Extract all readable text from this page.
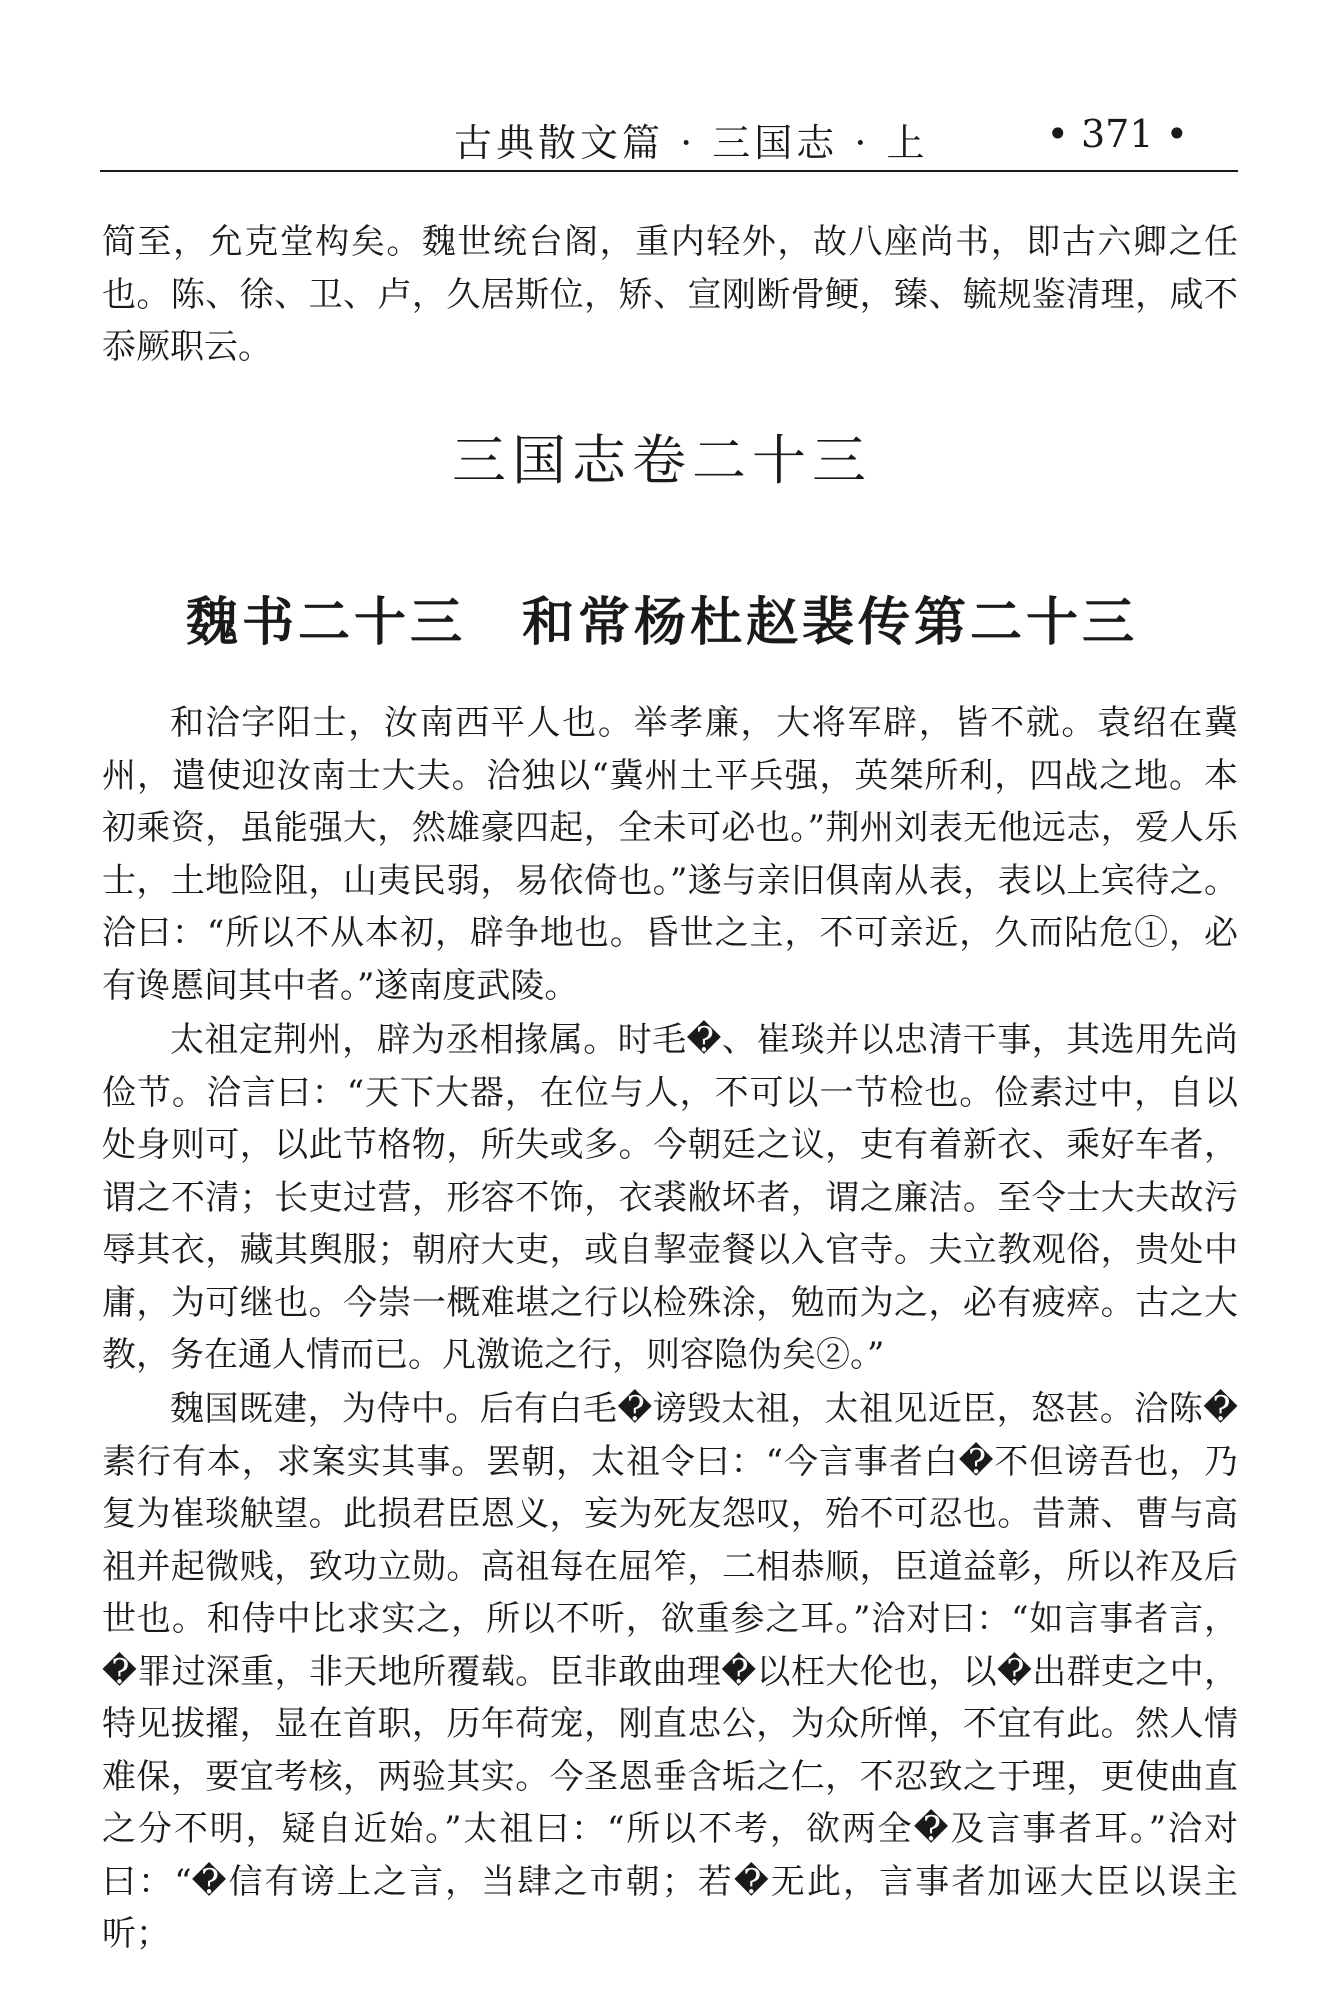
古典散文篇 · 三国志 · 上	• 371 •

简至，允克堂构矣。魏世统台阁，重内轻外，故八座尚书，即古六卿之任也。陈、徐、卫、卢，久居斯位，矫、宣刚断骨鲠，臻、毓规鉴清理，咸不忝厥职云。

三国志卷二十三
魏书二十三　和常杨杜赵裴传第二十三

和洽字阳士，汝南西平人也。举孝廉，大将军辟，皆不就。袁绍在冀州，遣使迎汝南士大夫。洽独以“冀州土平兵强，英桀所利，四战之地。本初乘资，虽能强大，然雄豪四起，全未可必也。”荆州刘表无他远志，爱人乐士，土地险阻，山夷民弱，易依倚也。”遂与亲旧俱南从表，表以上宾待之。洽曰：“所以不从本初，辟争地也。昏世之主，不可亲近，久而阽危①，必有谗慝间其中者。”遂南度武陵。

太祖定荆州，辟为丞相掾属。时毛�、崔琰并以忠清干事，其选用先尚俭节。洽言曰：“天下大器，在位与人，不可以一节检也。俭素过中，自以处身则可，以此节格物，所失或多。今朝廷之议，吏有着新衣、乘好车者，谓之不清；长吏过营，形容不饰，衣裘敝坏者，谓之廉洁。至令士大夫故污辱其衣，藏其舆服；朝府大吏，或自挈壶餐以入官寺。夫立教观俗，贵处中庸，为可继也。今崇一概难堪之行以检殊涂，勉而为之，必有疲瘁。古之大教，务在通人情而已。凡激诡之行，则容隐伪矣②。”

魏国既建，为侍中。后有白毛�谤毁太祖，太祖见近臣，怒甚。洽陈�素行有本，求案实其事。罢朝，太祖令曰：“今言事者白�不但谤吾也，乃复为崔琰觖望。此损君臣恩义，妄为死友怨叹，殆不可忍也。昔萧、曹与高祖并起微贱，致功立勋。高祖每在屈笮，二相恭顺，臣道益彰，所以祚及后世也。和侍中比求实之，所以不听，欲重参之耳。”洽对曰：“如言事者言，�罪过深重，非天地所覆载。臣非敢曲理�以枉大伦也，以�出群吏之中，特见拔擢，显在首职，历年荷宠，刚直忠公，为众所惮，不宜有此。然人情难保，要宜考核，两验其实。今圣恩垂含垢之仁，不忍致之于理，更使曲直之分不明，疑自近始。”太祖曰：“所以不考，欲两全�及言事者耳。”洽对曰：“�信有谤上之言，当肆之市朝；若�无此，言事者加诬大臣以误主听；
